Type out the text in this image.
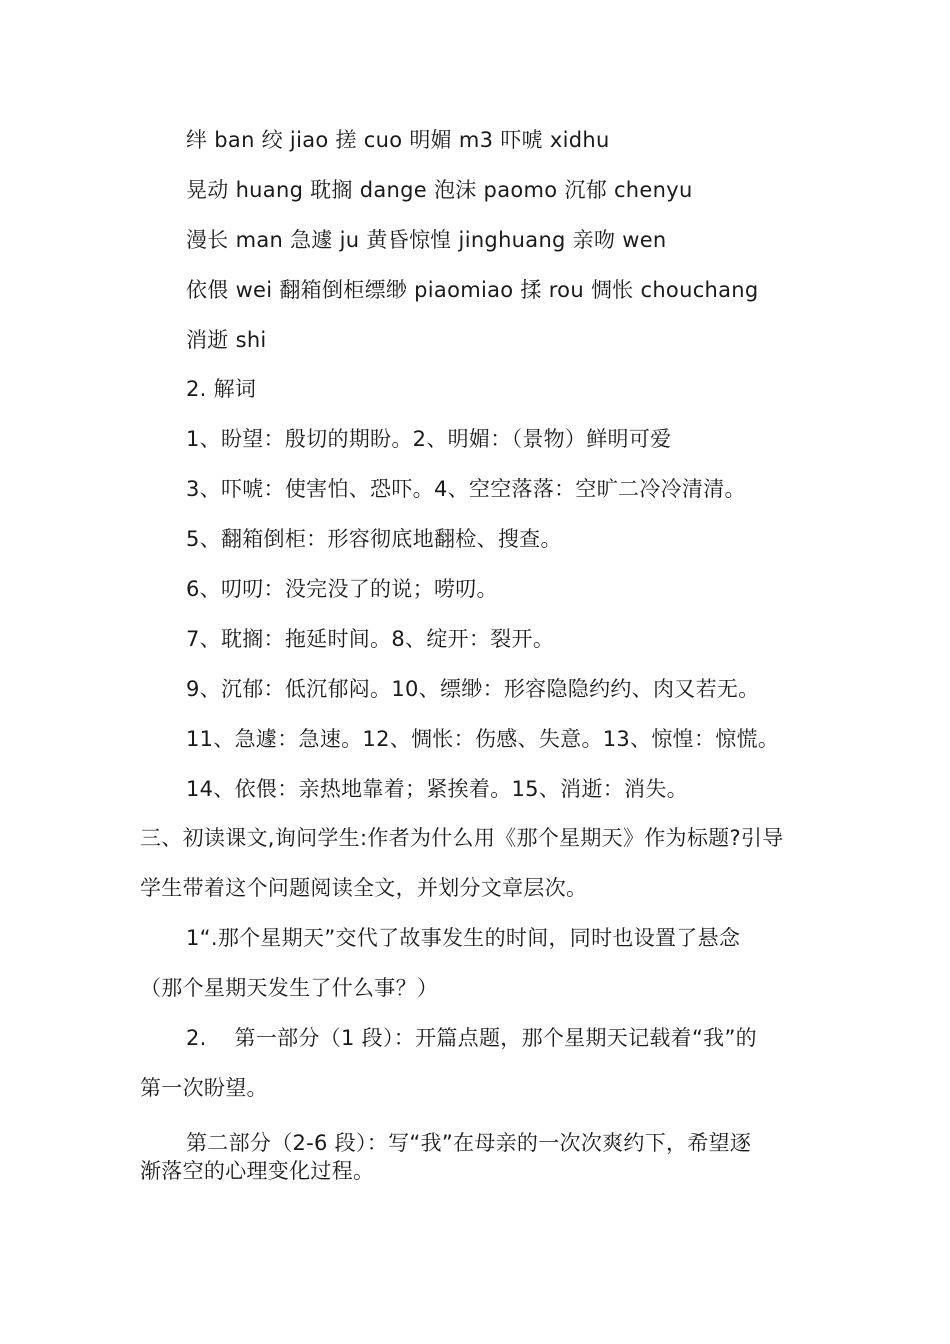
绊 ban 绞 jiao 搓 cuo 明媚 m3 吓唬 xidhu
晃动 huang 耽搁 dange 泡沫 paomo 沉郁 chenyu
漫长 man 急遽 ju 黄昏惊惶 jinghuang 亲吻 wen
依偎 wei 翻箱倒柜缥缈 piaomiao 揉 rou 惆怅 chouchang
消逝 shi
2. 解词
1、盼望：殷切的期盼。2、明媚：（景物）鲜明可爱
3、吓唬：使害怕、恐吓。4、空空落落：空旷二冷冷清清。
5、翻箱倒柜：形容彻底地翻检、搜查。
6、叨叨：没完没了的说；唠叨。
7、耽搁：拖延时间。8、绽开：裂开。
9、沉郁：低沉郁闷。10、缥缈：形容隐隐约约、肉又若无。
11、急遽：急速。12、惆怅：伤感、失意。13、惊惶：惊慌。
14、依偎：亲热地靠着；紧挨着。15、消逝：消失。
三、初读课文,询问学生:作者为什么用《那个星期天》作为标题?引导
学生带着这个问题阅读全文，并划分文章层次。
1“.那个星期天”交代了故事发生的时间，同时也设置了悬念
（那个星期天发生了什么事？）
2.    第一部分（1 段）：开篇点题，那个星期天记载着“我”的
第一次盼望。
第二部分（2-6 段）：写“我”在母亲的一次次爽约下，希望逐
渐落空的心理变化过程。
